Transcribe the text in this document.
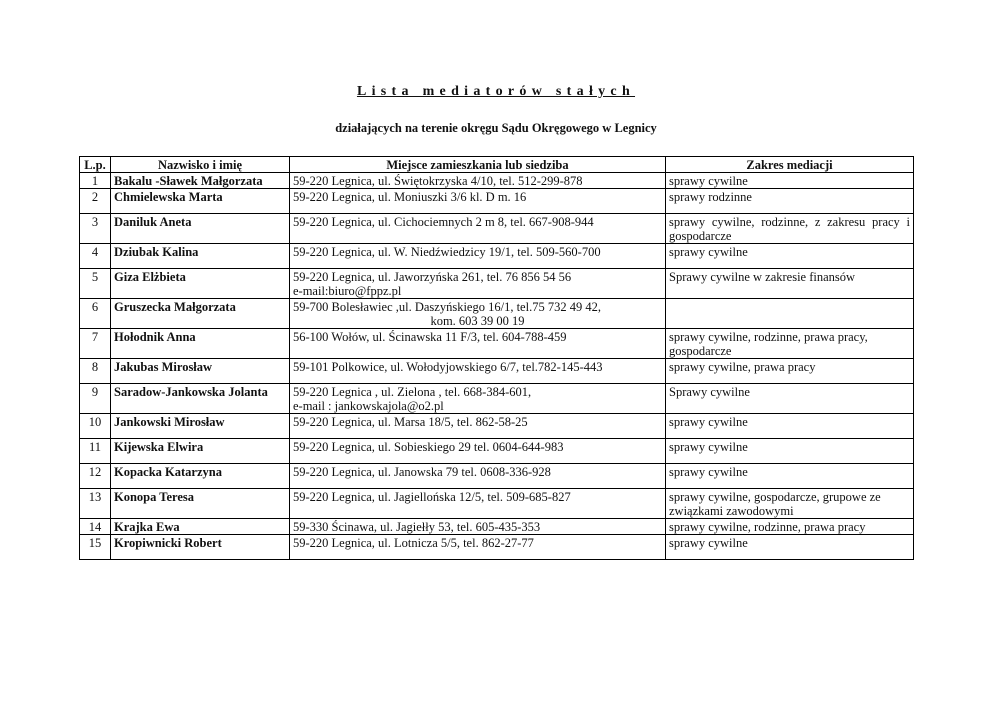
Lista mediatorów stałych
działających na terenie okręgu Sądu Okręgowego w Legnicy
L.p.	Nazwisko i imię	Miejsce zamieszkania lub siedziba	Zakres mediacji
1	Bakalu -Sławek Małgorzata	59-220 Legnica, ul. Świętokrzyska 4/10, tel. 512-299-878	sprawy cywilne
2	Chmielewska Marta	59-220 Legnica, ul. Moniuszki 3/6 kl. D m. 16	sprawy rodzinne
3	Daniluk Aneta	59-220 Legnica, ul. Cichociemnych 2 m 8, tel. 667-908-944	sprawy cywilne, rodzinne, z zakresu pracy i gospodarcze
4	Dziubak Kalina	59-220 Legnica, ul. W. Niedźwiedzicy 19/1, tel. 509-560-700	sprawy cywilne
5	Giza Elżbieta	59-220 Legnica, ul. Jaworzyńska 261, tel. 76 856 54 56
e-mail:biuro@fppz.pl	Sprawy cywilne w zakresie finansów
6	Gruszecka Małgorzata	59-700 Bolesławiec ,ul. Daszyńskiego 16/1, tel.75 732 49 42,
kom. 603 39 00 19	

7	Hołodnik Anna	56-100 Wołów, ul. Ścinawska 11 F/3, tel. 604-788-459	sprawy cywilne, rodzinne, prawa pracy, gospodarcze
8	Jakubas Mirosław	59-101 Polkowice, ul. Wołodyjowskiego 6/7, tel.782-145-443	sprawy cywilne, prawa pracy
9	Saradow-Jankowska Jolanta	59-220 Legnica , ul. Zielona , tel. 668-384-601,
e-mail : jankowskajola@o2.pl	Sprawy cywilne
10	Jankowski Mirosław	59-220 Legnica, ul. Marsa 18/5, tel. 862-58-25	sprawy cywilne
11	Kijewska Elwira	59-220 Legnica, ul. Sobieskiego 29 tel. 0604-644-983	sprawy cywilne
12	Kopacka Katarzyna	59-220 Legnica, ul. Janowska 79 tel. 0608-336-928	sprawy cywilne
13	Konopa Teresa	59-220 Legnica, ul. Jagiellońska 12/5, tel. 509-685-827	sprawy cywilne, gospodarcze, grupowe ze związkami zawodowymi
14	Krajka Ewa	59-330 Ścinawa, ul. Jagiełły 53, tel. 605-435-353	sprawy cywilne, rodzinne, prawa pracy
15	Kropiwnicki Robert	59-220 Legnica, ul. Lotnicza 5/5, tel. 862-27-77	sprawy cywilne
